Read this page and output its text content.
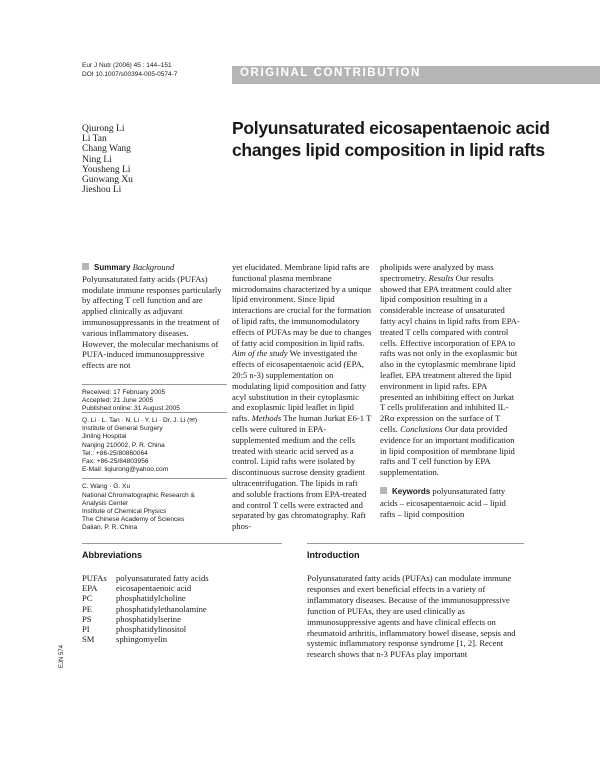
Eur J Nutr (2006) 45 : 144–151
DOI 10.1007/s00394-005-0574-7	ORIGINAL CONTRIBUTION
Qiurong Li
Li Tan
Chang Wang
Ning Li
Yousheng Li
Guowang Xu
Jieshou Li
Polyunsaturated eicosapentaenoic acid changes lipid composition in lipid rafts
Summary Background Polyunsaturated fatty acids (PUFAs) modulate immune responses particularly by affecting T cell function and are applied clinically as adjuvant immunosuppressants in the treatment of various inflammatory diseases. However, the molecular mechanisms of PUFA-induced immunosuppressive effects are not
Received: 17 February 2005
Accepted: 21 June 2005
Published online: 31 August 2005
Q. Li · L. Tan · N. Li · Y. Li · Dr. J. Li (✉)
Institute of General Surgery
Jinling Hospital
Nanjing 210002, P. R. China
Tel.: +86-25/80860064
Fax: +86-25/84803956
E-Mail: liqiurong@yahoo.com
C. Wang · G. Xu
National Chromatographic Research &
Analysis Center
Institute of Chemical Physics
The Chinese Academy of Sciences
Dalian, P. R. China
yet elucidated. Membrane lipid rafts are functional plasma membrane microdomains characterized by a unique lipid environment. Since lipid interactions are crucial for the formation of lipid rafts, the immunomodulatory effects of PUFAs may be due to changes of fatty acid composition in lipid rafts. Aim of the study We investigated the effects of eicosapentaenoic acid (EPA, 20:5 n-3) supplementation on modulating lipid composition and fatty acyl substitution in their cytoplasmic and exoplasmic lipid leaflet in lipid rafts. Methods The human Jurkat E6-1 T cells were cultured in EPA-supplemented medium and the cells treated with stearic acid served as a control. Lipid rafts were isolated by discontinuous sucrose density gradient ultracentrifugation. The lipids in raft and soluble fractions from EPA-treated and control T cells were extracted and separated by gas chromatography. Raft phos-
pholipids were analyzed by mass spectrometry. Results Our results showed that EPA treatment could alter lipid composition resulting in a considerable increase of unsaturated fatty acyl chains in lipid rafts from EPA-treated T cells compared with control cells. Effective incorporation of EPA to rafts was not only in the exoplasmic but also in the cytoplasmic membrane lipid leaflet. EPA treatment altered the lipid environment in lipid rafts. EPA presented an inhibiting effect on Jurkat T cells proliferation and inhibited IL-2Rα expression on the surface of T cells. Conclusions Our data provided evidence for an important modification in lipid composition of membrane lipid rafts and T cell function by EPA supplementation.
Keywords polyunsaturated fatty acids – eicosapentaenoic acid – lipid rafts – lipid composition
Abbreviations
PUFAs	polyunsaturated fatty acids
EPA	eicosapentaenoic acid
PC	phosphatidylcholine
PE	phosphatidylethanolamine
PS	phosphatidylserine
PI	phosphatidylinositol
SM	sphingomyelin
Introduction
Polyunsaturated fatty acids (PUFAs) can modulate immune responses and exert beneficial effects in a variety of inflammatory diseases. Because of the immunosuppressive function of PUFAs, they are used clinically as immunosuppressive agents and have clinical effects on rheumatoid arthritis, inflammatory bowel disease, sepsis and systemic inflammatory response syndrome [1, 2]. Recent research shows that n-3 PUFAs play important
EJN 574
